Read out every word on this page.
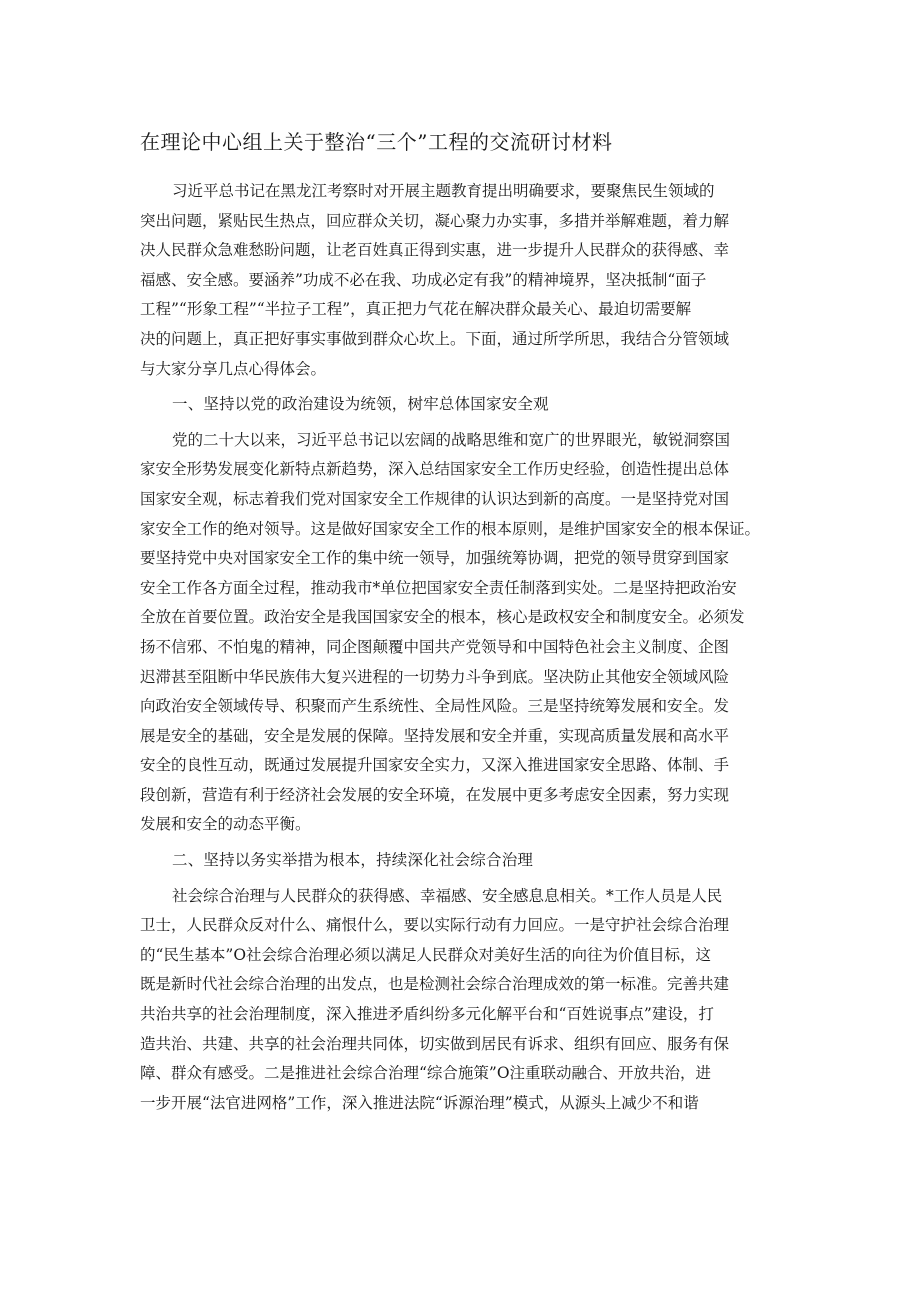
在理论中心组上关于整治“三个”工程的交流研讨材料
习近平总书记在黑龙江考察时对开展主题教育提出明确要求，要聚焦民生领域的
突出问题，紧贴民生热点，回应群众关切，凝心聚力办实事，多措并举解难题，着力解
决人民群众急难愁盼问题，让老百姓真正得到实惠，进一步提升人民群众的获得感、幸
福感、安全感。要涵养”功成不必在我、功成必定有我”的精神境界，坚决抵制“面子
工程”“形象工程”“半拉子工程”，真正把力气花在解决群众最关心、最迫切需要解
决的问题上，真正把好事实事做到群众心坎上。下面，通过所学所思，我结合分管领域
与大家分享几点心得体会。
一、坚持以党的政治建设为统领，树牢总体国家安全观
党的二十大以来，习近平总书记以宏阔的战略思维和宽广的世界眼光，敏锐洞察国
家安全形势发展变化新特点新趋势，深入总结国家安全工作历史经验，创造性提出总体
国家安全观，标志着我们党对国家安全工作规律的认识达到新的高度。一是坚持党对国
家安全工作的绝对领导。这是做好国家安全工作的根本原则，是维护国家安全的根本保证。
要坚持党中央对国家安全工作的集中统一领导，加强统筹协调，把党的领导贯穿到国家
安全工作各方面全过程，推动我市*单位把国家安全责任制落到实处。二是坚持把政治安
全放在首要位置。政治安全是我国国家安全的根本，核心是政权安全和制度安全。必须发
扬不信邪、不怕鬼的精神，同企图颠覆中国共产党领导和中国特色社会主义制度、企图
迟滞甚至阻断中华民族伟大复兴进程的一切势力斗争到底。坚决防止其他安全领域风险
向政治安全领域传导、积聚而产生系统性、全局性风险。三是坚持统筹发展和安全。发
展是安全的基础，安全是发展的保障。坚持发展和安全并重，实现高质量发展和高水平
安全的良性互动，既通过发展提升国家安全实力，又深入推进国家安全思路、体制、手
段创新，营造有利于经济社会发展的安全环境，在发展中更多考虑安全因素，努力实现
发展和安全的动态平衡。
二、坚持以务实举措为根本，持续深化社会综合治理
社会综合治理与人民群众的获得感、幸福感、安全感息息相关。*工作人员是人民
卫士，人民群众反对什么、痛恨什么，要以实际行动有力回应。一是守护社会综合治理
的“民生基本”O社会综合治理必须以满足人民群众对美好生活的向往为价值目标，这
既是新时代社会综合治理的出发点，也是检测社会综合治理成效的第一标准。完善共建
共治共享的社会治理制度，深入推进矛盾纠纷多元化解平台和“百姓说事点”建设，打
造共治、共建、共享的社会治理共同体，切实做到居民有诉求、组织有回应、服务有保
障、群众有感受。二是推进社会综合治理“综合施策”O注重联动融合、开放共治，进
一步开展“法官进网格”工作，深入推进法院“诉源治理”模式，从源头上减少不和谐
